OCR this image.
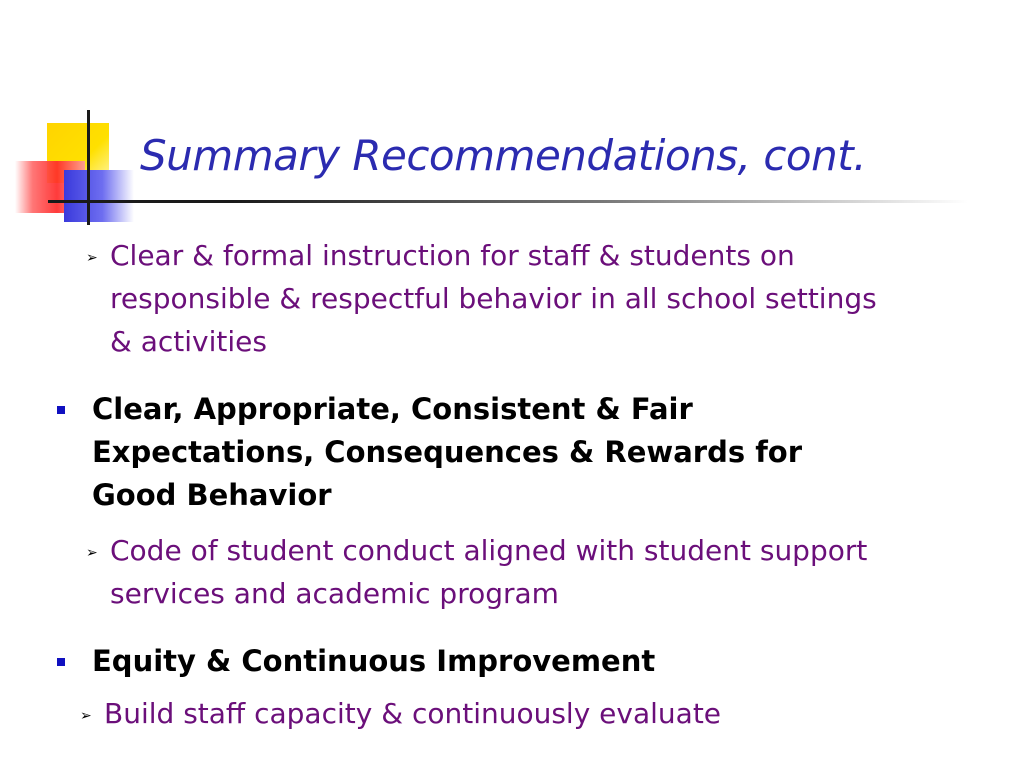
Summary Recommendations, cont.
➢ Clear & formal instruction for staff & students on
responsible & respectful behavior in all school settings
& activities
Clear, Appropriate, Consistent & Fair
Expectations, Consequences & Rewards for
Good Behavior
➢ Code of student conduct aligned with student support
services and academic program
Equity & Continuous Improvement
➢ Build staff capacity & continuously evaluate
